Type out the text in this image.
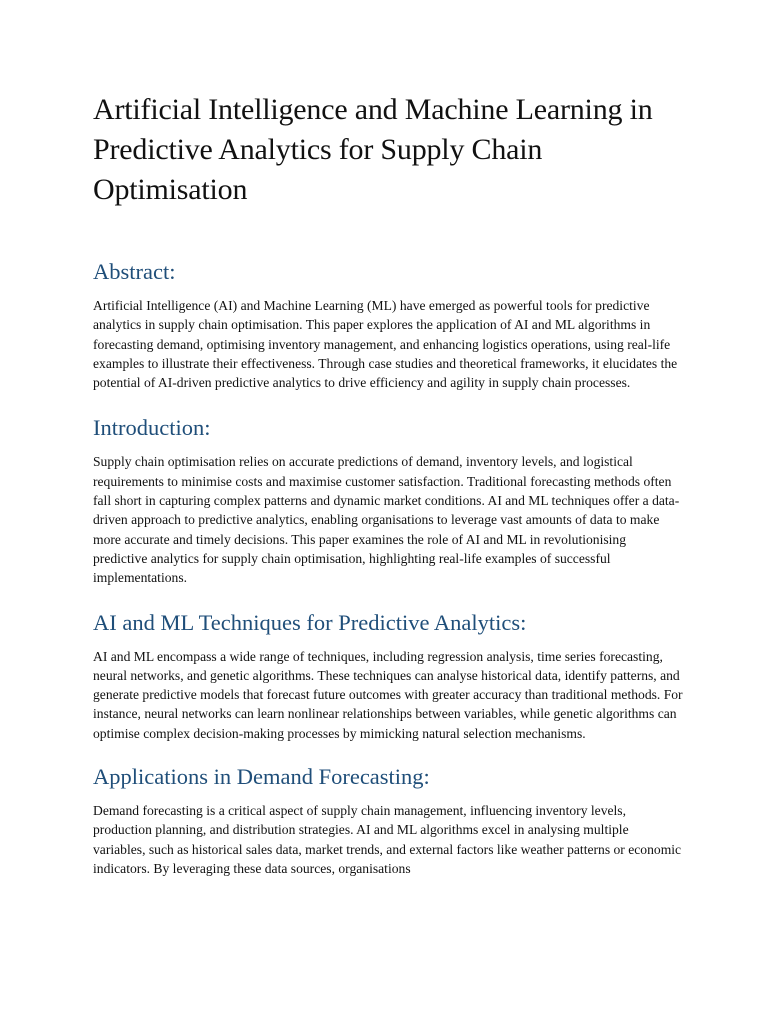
Artificial Intelligence and Machine Learning in Predictive Analytics for Supply Chain Optimisation
Abstract:

Artificial Intelligence (AI) and Machine Learning (ML) have emerged as powerful tools for predictive analytics in supply chain optimisation. This paper explores the application of AI and ML algorithms in forecasting demand, optimising inventory management, and enhancing logistics operations, using real-life examples to illustrate their effectiveness. Through case studies and theoretical frameworks, it elucidates the potential of AI-driven predictive analytics to drive efficiency and agility in supply chain processes.

Introduction:

Supply chain optimisation relies on accurate predictions of demand, inventory levels, and logistical requirements to minimise costs and maximise customer satisfaction. Traditional forecasting methods often fall short in capturing complex patterns and dynamic market conditions. AI and ML techniques offer a data-driven approach to predictive analytics, enabling organisations to leverage vast amounts of data to make more accurate and timely decisions. This paper examines the role of AI and ML in revolutionising predictive analytics for supply chain optimisation, highlighting real-life examples of successful implementations.

AI and ML Techniques for Predictive Analytics:

AI and ML encompass a wide range of techniques, including regression analysis, time series forecasting, neural networks, and genetic algorithms. These techniques can analyse historical data, identify patterns, and generate predictive models that forecast future outcomes with greater accuracy than traditional methods. For instance, neural networks can learn nonlinear relationships between variables, while genetic algorithms can optimise complex decision-making processes by mimicking natural selection mechanisms.

Applications in Demand Forecasting:

Demand forecasting is a critical aspect of supply chain management, influencing inventory levels, production planning, and distribution strategies. AI and ML algorithms excel in analysing multiple variables, such as historical sales data, market trends, and external factors like weather patterns or economic indicators. By leveraging these data sources, organisations
